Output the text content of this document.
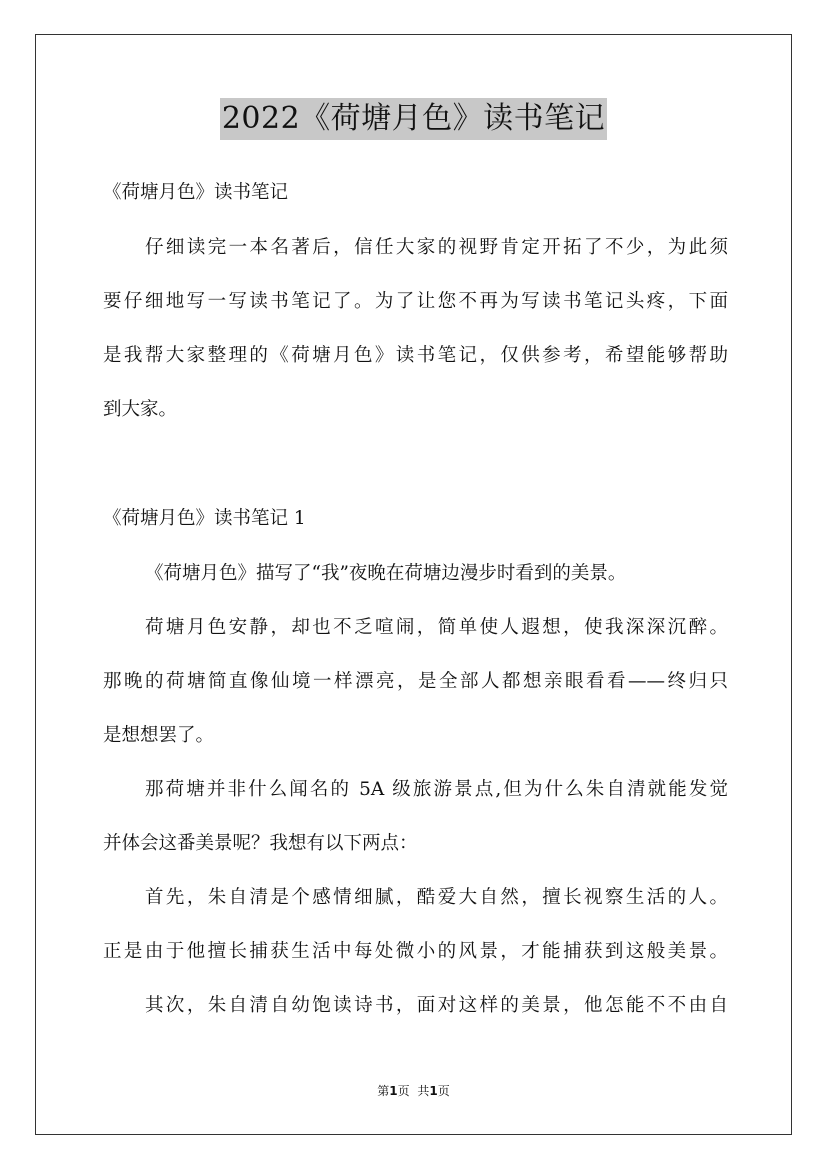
2022《荷塘月色》读书笔记
《荷塘月色》读书笔记
仔细读完一本名著后，信任大家的视野肯定开拓了不少，为此须
要仔细地写一写读书笔记了。为了让您不再为写读书笔记头疼，下面
是我帮大家整理的《荷塘月色》读书笔记，仅供参考，希望能够帮助
到大家。
《荷塘月色》读书笔记 1
《荷塘月色》描写了“我”夜晚在荷塘边漫步时看到的美景。
荷塘月色安静，却也不乏喧闹，简单使人遐想，使我深深沉醉。
那晚的荷塘简直像仙境一样漂亮，是全部人都想亲眼看看——终归只
是想想罢了。
那荷塘并非什么闻名的 5A 级旅游景点,但为什么朱自清就能发觉
并体会这番美景呢？我想有以下两点：
首先，朱自清是个感情细腻，酷爱大自然，擅长视察生活的人。
正是由于他擅长捕获生活中每处微小的风景，才能捕获到这般美景。
其次，朱自清自幼饱读诗书，面对这样的美景，他怎能不不由自
第1页 共1页
